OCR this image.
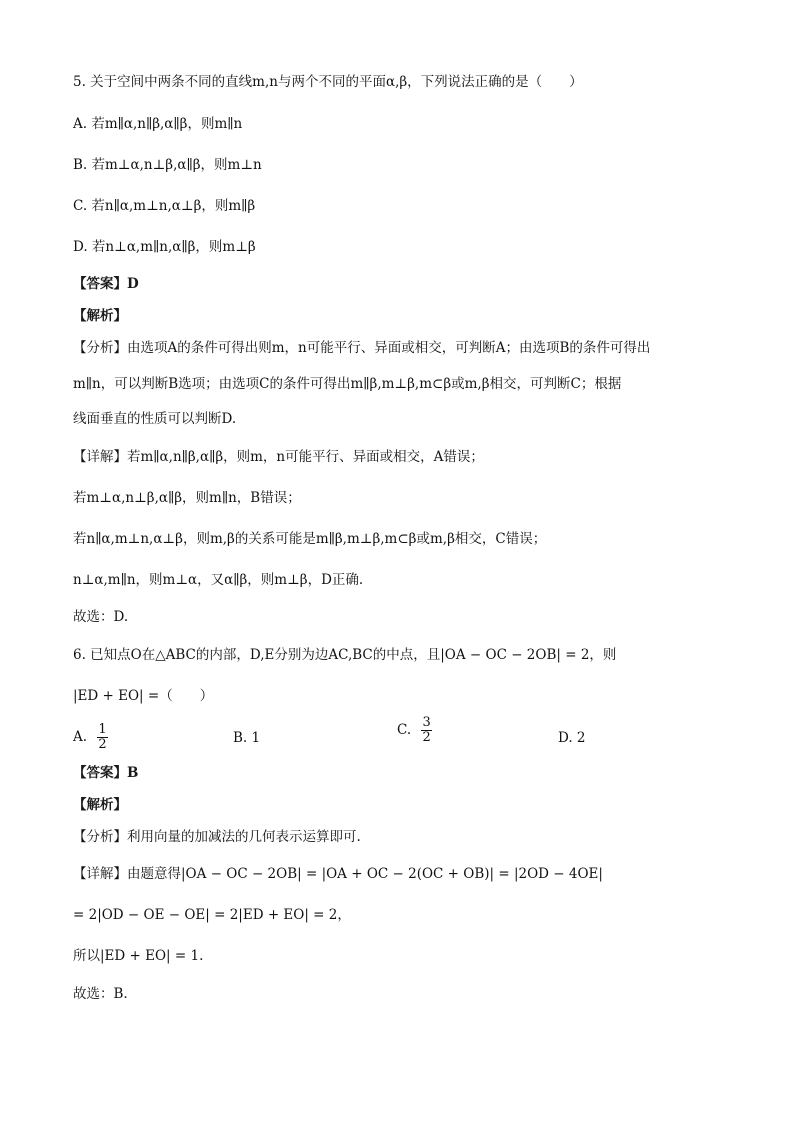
5. 关于空间中两条不同的直线m,n与两个不同的平面α,β，下列说法正确的是（　　）
A. 若m∥α,n∥β,α∥β，则m∥n
B. 若m⊥α,n⊥β,α∥β，则m⊥n
C. 若n∥α,m⊥n,α⊥β，则m∥β
D. 若n⊥α,m∥n,α∥β，则m⊥β
【答案】D
【解析】
【分析】由选项A的条件可得出则m，n可能平行、异面或相交，可判断A；由选项B的条件可得出
m∥n，可以判断B选项；由选项C的条件可得出m∥β,m⊥β,m⊂β或m,β相交，可判断C；根据
线面垂直的性质可以判断D.
【详解】若m∥α,n∥β,α∥β，则m，n可能平行、异面或相交，A错误；
若m⊥α,n⊥β,α∥β，则m∥n，B错误；
若n∥α,m⊥n,α⊥β，则m,β的关系可能是m∥β,m⊥β,m⊂β或m,β相交，C错误；
n⊥α,m∥n，则m⊥α，又α∥β，则m⊥β，D正确.
故选：D.
6. 已知点O在△ABC的内部，D,E分别为边AC,BC的中点，且|OA − OC − 2OB| = 2，则
|ED + EO| =（　　）
A. $\frac{1}{2}$	B. 1	C. $\frac{3}{2}$	D. 2
【答案】B
【解析】
【分析】利用向量的加减法的几何表示运算即可.
【详解】由题意得|OA − OC − 2OB| = |OA + OC − 2(OC + OB)| = |2OD − 4OE|
= 2|OD − OE − OE| = 2|ED + EO| = 2，
所以|ED + EO| = 1.
故选：B.
